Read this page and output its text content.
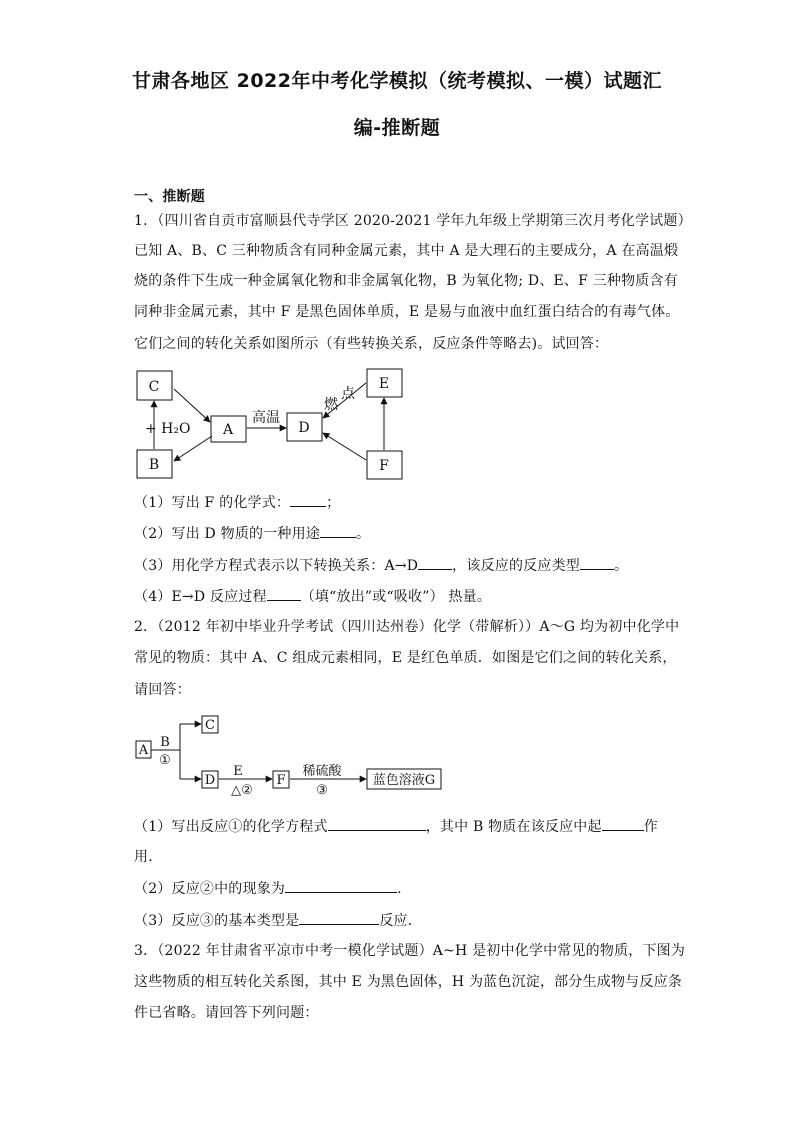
甘肃各地区 2022年中考化学模拟（统考模拟、一模）试题汇
编-推断题
一、推断题
1．（四川省自贡市富顺县代寺学区 2020-2021 学年九年级上学期第三次月考化学试题）
已知 A、B、C 三种物质含有同种金属元素，其中 A 是大理石的主要成分，A 在高温煅
烧的条件下生成一种金属氧化物和非金属氧化物，B 为氧化物; D、E、F 三种物质含有
同种非金属元素，其中 F 是黑色固体单质，E 是易与血液中血红蛋白结合的有毒气体。
它们之间的转化关系如图所示（有些转换关系，反应条件等略去)。试回答：
C
A
B
D
E
F
高温
+ H₂O
点
燃
（1）写出 F 的化学式：	；
（2）写出 D 物质的一种用途	。
（3）用化学方程式表示以下转换关系：A→D ，该反应的反应类型 。
（4）E→D 反应过程 （填“放出”或“吸收”） 热量。
2．（2012 年初中毕业升学考试（四川达州卷）化学（带解析））A～G 均为初中化学中
常见的物质：其中 A、C 组成元素相同，E 是红色单质．如图是它们之间的转化关系，
请回答：
A
C
D	F	蓝色溶液G
B
①
E
△②
稀硫酸
③
（1）写出反应①的化学方程式	，其中 B 物质在该反应中起	作
用.
（2）反应②中的现象为	.
（3）反应③的基本类型是	反应.
3．（2022 年甘肃省平凉市中考一模化学试题）A~H 是初中化学中常见的物质，下图为
这些物质的相互转化关系图，其中 E 为黑色固体，H 为蓝色沉淀，部分生成物与反应条
件已省略。请回答下列问题：
